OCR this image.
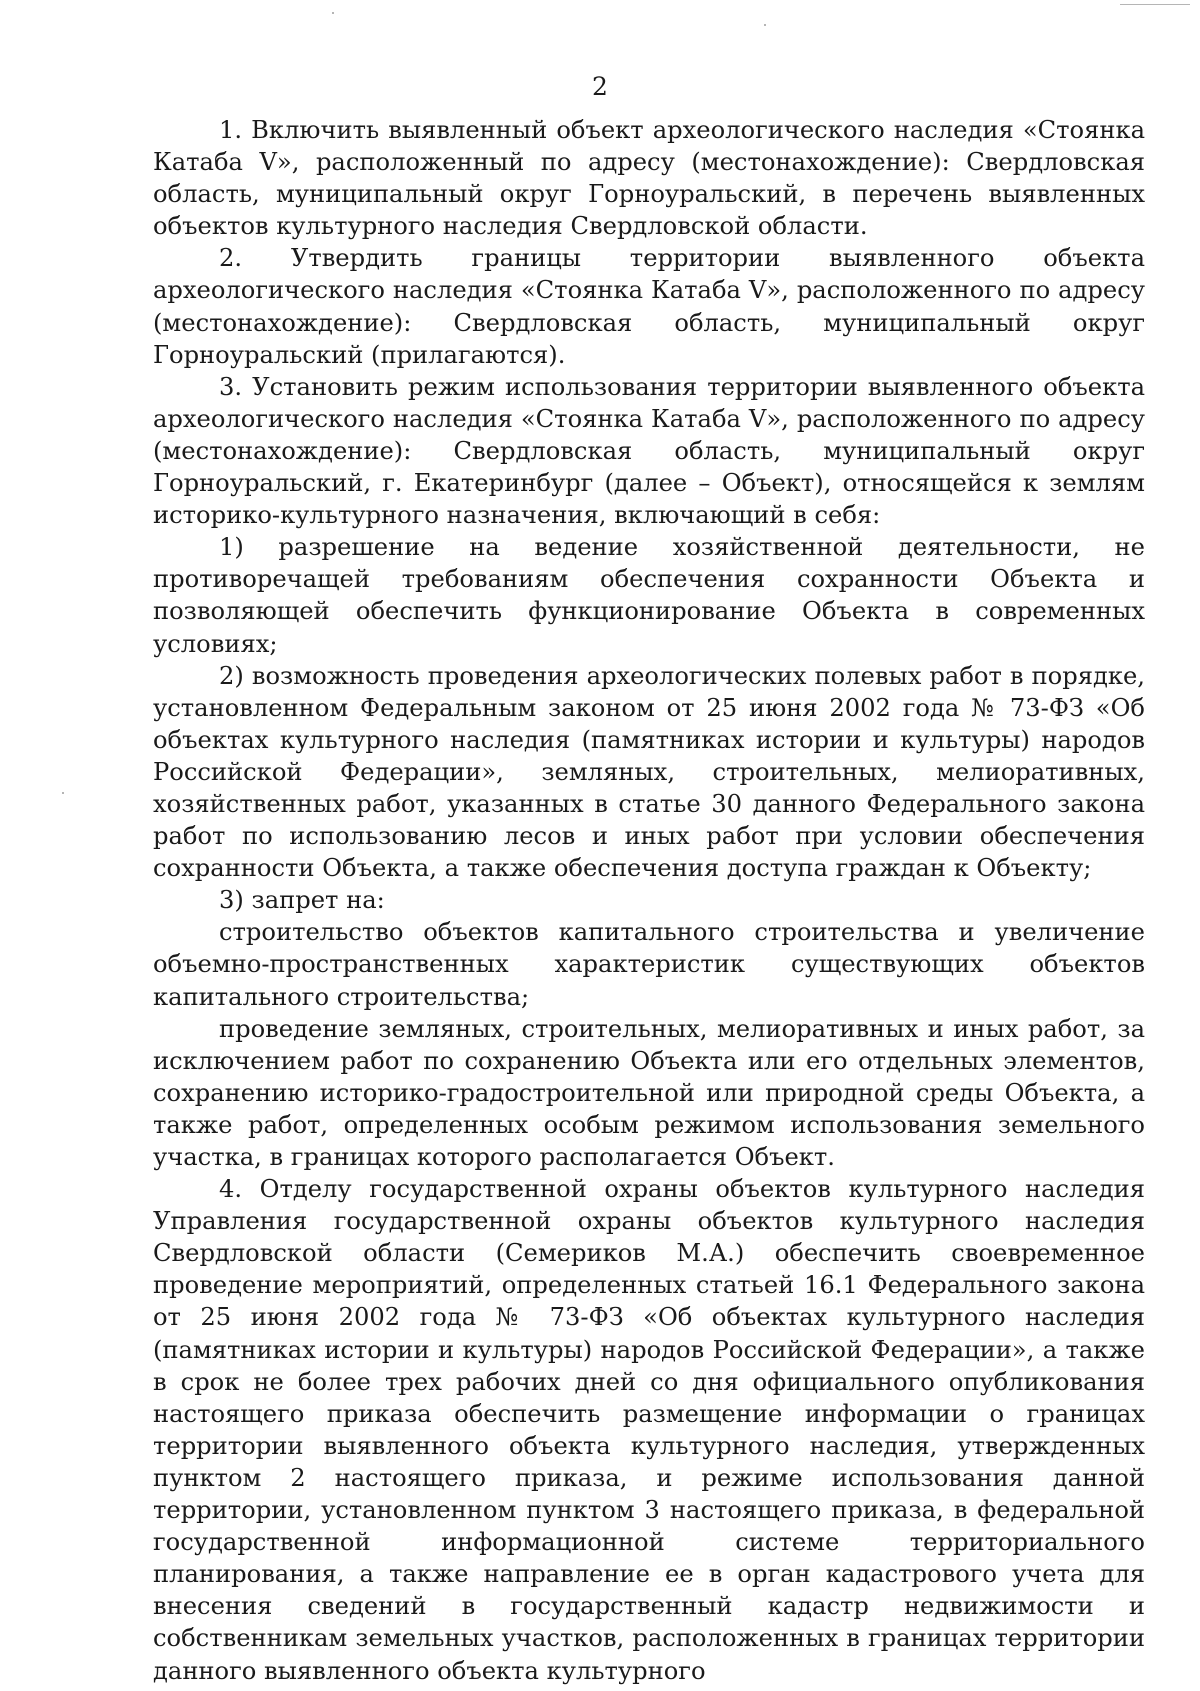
2

1. Включить выявленный объект археологического наследия «Стоянка Катаба V», расположенный по адресу (местонахождение): Свердловская область, муниципальный округ Горноуральский, в перечень выявленных объектов культурного наследия Свердловской области.

2. Утвердить границы территории выявленного объекта археологического наследия «Стоянка Катаба V», расположенного по адресу (местонахождение): Свердловская область, муниципальный округ Горноуральский (прилагаются).

3. Установить режим использования территории выявленного объекта археологического наследия «Стоянка Катаба V», расположенного по адресу (местонахождение): Свердловская область, муниципальный округ Горноуральский, г. Екатеринбург (далее – Объект), относящейся к землям историко-культурного назначения, включающий в себя:

1) разрешение на ведение хозяйственной деятельности, не противоречащей требованиям обеспечения сохранности Объекта и позволяющей обеспечить функционирование Объекта в современных условиях;

2) возможность проведения археологических полевых работ в порядке, установленном Федеральным законом от 25 июня 2002 года № 73-ФЗ «Об объектах культурного наследия (памятниках истории и культуры) народов Российской Федерации», земляных, строительных, мелиоративных, хозяйственных работ, указанных в статье 30 данного Федерального закона работ по использованию лесов и иных работ при условии обеспечения сохранности Объекта, а также обеспечения доступа граждан к Объекту;

3) запрет на:

строительство объектов капитального строительства и увеличение объемно-пространственных характеристик существующих объектов капитального строительства;

проведение земляных, строительных, мелиоративных и иных работ, за исключением работ по сохранению Объекта или его отдельных элементов, сохранению историко-градостроительной или природной среды Объекта, а также работ, определенных особым режимом использования земельного участка, в границах которого располагается Объект.

4. Отделу государственной охраны объектов культурного наследия Управления государственной охраны объектов культурного наследия Свердловской области (Семериков М.А.) обеспечить своевременное проведение мероприятий, определенных статьей 16.1 Федерального закона от 25 июня 2002 года № 73-ФЗ «Об объектах культурного наследия (памятниках истории и культуры) народов Российской Федерации», а также в срок не более трех рабочих дней со дня официального опубликования настоящего приказа обеспечить размещение информации о границах территории выявленного объекта культурного наследия, утвержденных пунктом 2 настоящего приказа, и режиме использования данной территории, установленном пунктом 3 настоящего приказа, в федеральной государственной информационной системе территориального планирования, а также направление ее в орган кадастрового учета для внесения сведений в государственный кадастр недвижимости и собственникам земельных участков, расположенных в границах территории данного выявленного объекта культурного
